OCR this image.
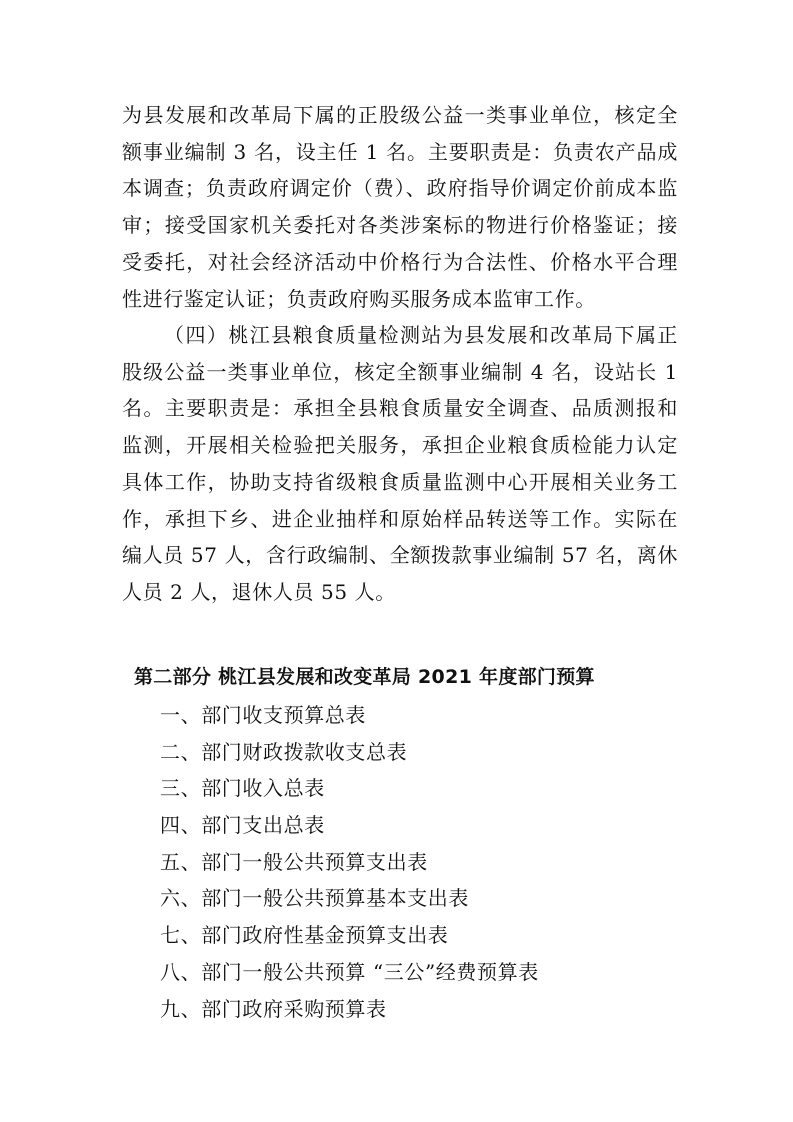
为县发展和改革局下属的正股级公益一类事业单位，核定全额事业编制 3 名，设主任 1 名。主要职责是：负责农产品成本调查；负责政府调定价（费）、政府指导价调定价前成本监审；接受国家机关委托对各类涉案标的物进行价格鉴证；接受委托，对社会经济活动中价格行为合法性、价格水平合理性进行鉴定认证；负责政府购买服务成本监审工作。

（四）桃江县粮食质量检测站为县发展和改革局下属正股级公益一类事业单位，核定全额事业编制 4 名，设站长 1 名。主要职责是：承担全县粮食质量安全调查、品质测报和监测，开展相关检验把关服务，承担企业粮食质检能力认定具体工作，协助支持省级粮食质量监测中心开展相关业务工作，承担下乡、进企业抽样和原始样品转送等工作。实际在编人员 57 人，含行政编制、全额拨款事业编制 57 名，离休人员 2 人，退休人员 55 人。

第二部分 桃江县发展和改变革局 2021 年度部门预算
一、部门收支预算总表
二、部门财政拨款收支总表
三、部门收入总表
四、部门支出总表
五、部门一般公共预算支出表
六、部门一般公共预算基本支出表
七、部门政府性基金预算支出表
八、部门一般公共预算 “三公”经费预算表
九、部门政府采购预算表
